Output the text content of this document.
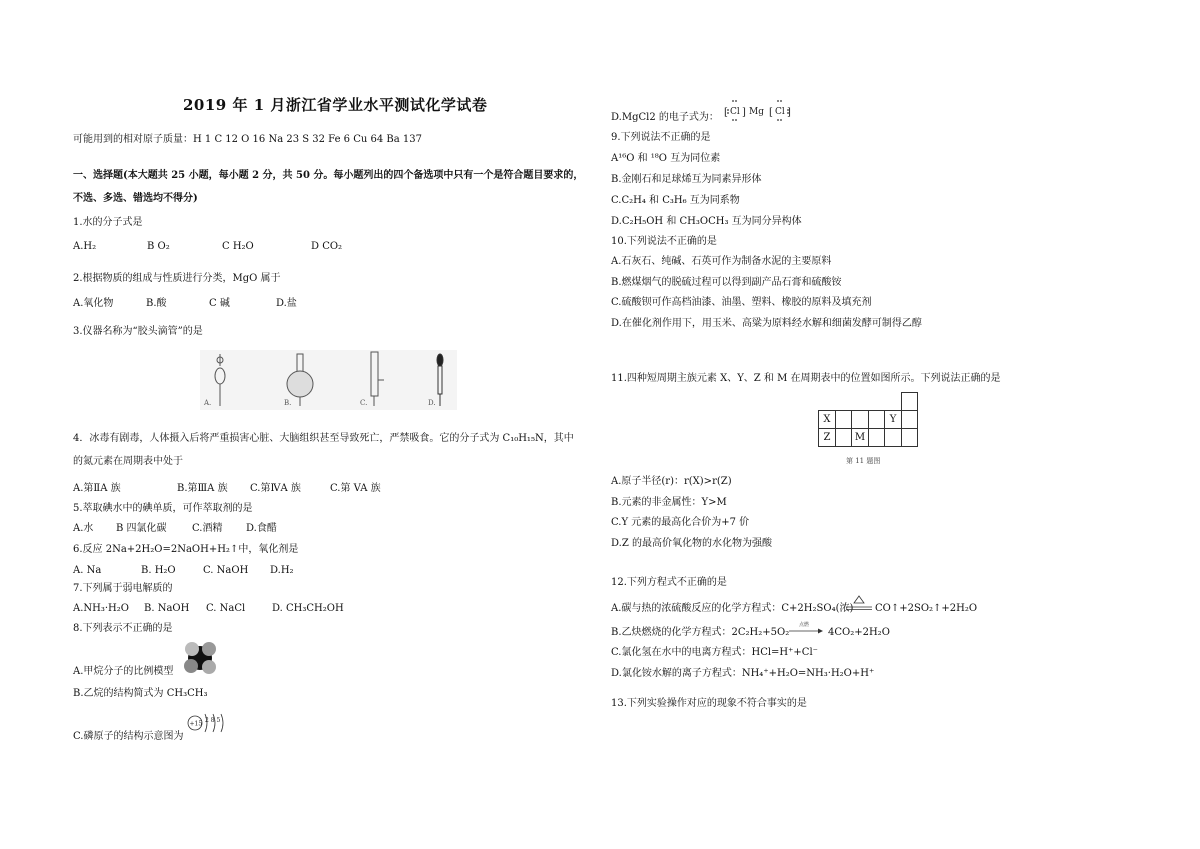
2019 年 1 月浙江省学业水平测试化学试卷
可能用到的相对原子质量：H 1 C 12 O 16 Na 23 S 32 Fe 6 Cu 64 Ba 137
一、选择题(本大题共 25 小题，每小题 2 分，共 50 分。每小题列出的四个备选项中只有一个是符合题目要求的，
不选、多选、错选均不得分)
1.水的分子式是
A.H₂	B O₂	C H₂O	D CO₂
2.根据物质的组成与性质进行分类，MgO 属于
A.氧化物	B.酸	C 碱	D.盐
3.仪器名称为“胶头滴管”的是
A.	B.	C.	D.
4．冰毒有剧毒，人体摄入后将严重损害心脏、大脑组织甚至导致死亡，严禁吸食。它的分子式为 C₁₀H₁₅N，其中
的氮元素在周期表中处于
A.第ⅡA 族	B.第ⅢA 族 C.第ⅣA 族	C.第 VA 族
5.萃取碘水中的碘单质，可作萃取剂的是
A.水 B 四氯化碳	C.酒精 D.食醋
6.反应 2Na+2H₂O=2NaOH+H₂↑中，氧化剂是
A. Na	B. H₂O	C. NaOH D.H₂
7.下列属于弱电解质的
A.NH₃·H₂O B. NaOH C. NaCl	D. CH₃CH₂OH
8.下列表示不正确的是
A.甲烷分子的比例模型
B.乙烷的结构简式为 CH₃CH₃
C.磷原子的结构示意图为
+15 2 8 5
D.MgCl2 的电子式为： [ Cl ] Mg [ Cl ]
9.下列说法不正确的是
A¹⁶O 和 ¹⁸O 互为同位素
B.金刚石和足球烯互为同素异形体
C.C₂H₄ 和 C₃H₆ 互为同系物
D.C₂H₅OH 和 CH₃OCH₃ 互为同分异构体
10.下列说法不正确的是
A.石灰石、纯碱、石英可作为制备水泥的主要原料
B.燃煤烟气的脱硫过程可以得到副产品石膏和硫酸铵
C.硫酸钡可作高档油漆、油墨、塑料、橡胶的原料及填充剂
D.在催化剂作用下，用玉米、高粱为原料经水解和细菌发酵可制得乙醇
11.四种短周期主族元素 X、Y、Z 和 M 在周期表中的位置如图所示。下列说法正确的是

X				Y	
Z		M			
第 11 题图
A.原子半径(r)：r(X)>r(Z)
B.元素的非金属性：Y>M
C.Y 元素的最高化合价为+7 价
D.Z 的最高价氧化物的水化物为强酸
12.下列方程式不正确的是
A.碳与热的浓硫酸反应的化学方程式：C+2H₂SO₄(浓) CO↑+2SO₂↑+2H₂O
B.乙炔燃烧的化学方程式：2C₂H₂+5O₂
点燃
4CO₂+2H₂O
C.氯化氢在水中的电离方程式：HCl=H⁺+Cl⁻
D.氯化铵水解的离子方程式：NH₄⁺+H₂O=NH₃·H₂O+H⁺
13.下列实验操作对应的现象不符合事实的是
